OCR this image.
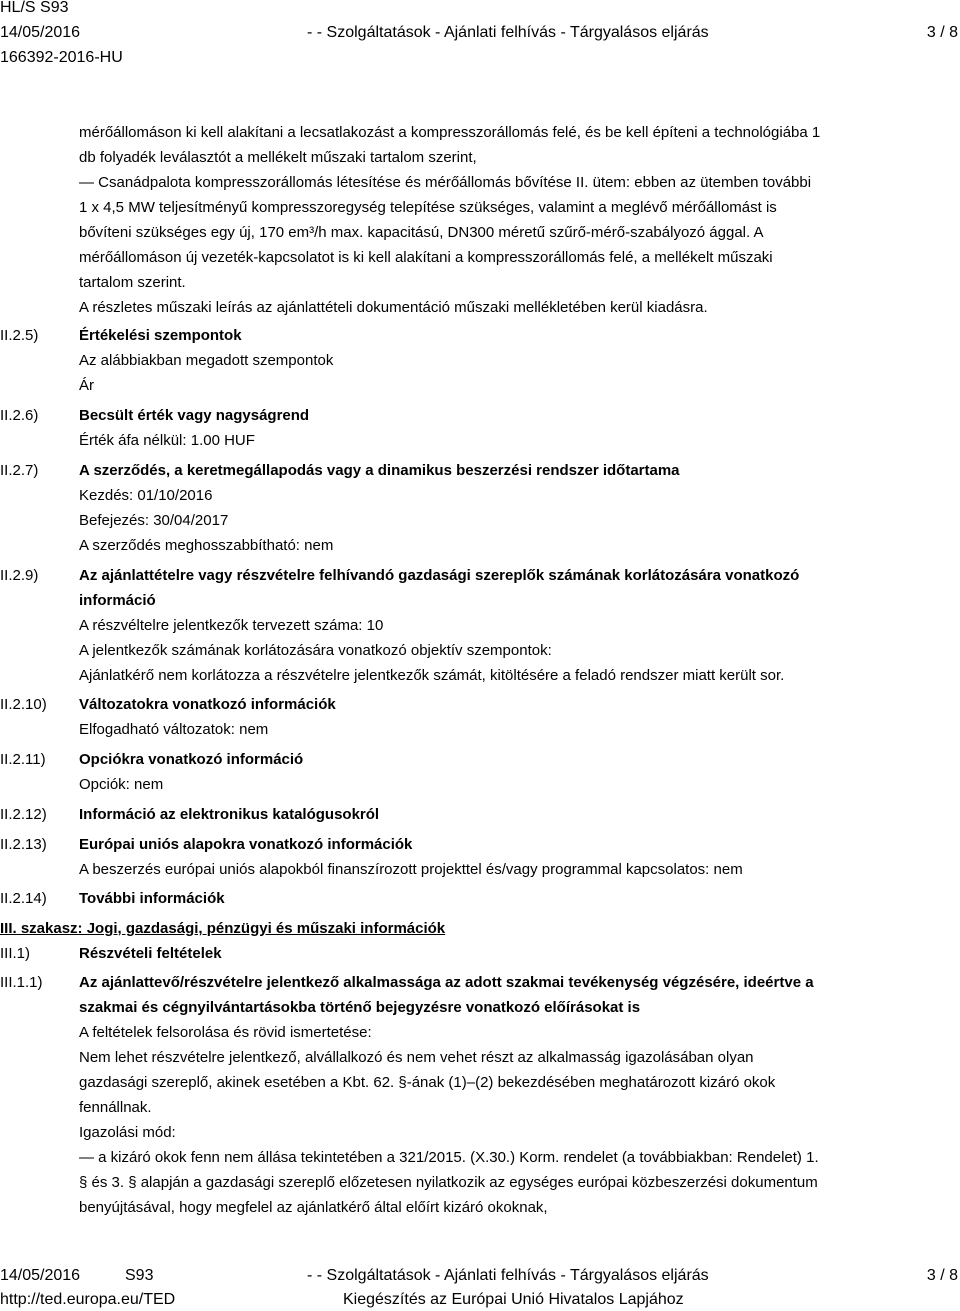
HL/S S93
14/05/2016
166392-2016-HU
- - Szolgáltatások - Ajánlati felhívás - Tárgyalásos eljárás	3 / 8

mérőállomáson ki kell alakítani a lecsatlakozást a kompresszorállomás felé, és be kell építeni a technológiába 1

db folyadék leválasztót a mellékelt műszaki tartalom szerint,

— Csanádpalota kompresszorállomás létesítése és mérőállomás bővítése II. ütem: ebben az ütemben további

1 x 4,5 MW teljesítményű kompresszoregység telepítése szükséges, valamint a meglévő mérőállomást is

bővíteni szükséges egy új, 170 em³/h max. kapacitású, DN300 méretű szűrő-mérő-szabályozó ággal. A

mérőállomáson új vezeték-kapcsolatot is ki kell alakítani a kompresszorállomás felé, a mellékelt műszaki

tartalom szerint.

A részletes műszaki leírás az ajánlattételi dokumentáció műszaki mellékletében kerül kiadásra.

II.2.5)	Értékelési szempontok

Az alábbiakban megadott szempontok

Ár

II.2.6)	Becsült érték vagy nagyságrend

Érték áfa nélkül: 1.00 HUF

II.2.7)	A szerződés, a keretmegállapodás vagy a dinamikus beszerzési rendszer időtartama

Kezdés: 01/10/2016

Befejezés: 30/04/2017

A szerződés meghosszabbítható: nem

II.2.9)	Az ajánlattételre vagy részvételre felhívandó gazdasági szereplők számának korlátozására vonatkozó

információ

A részvéltelre jelentkezők tervezett száma: 10

A jelentkezők számának korlátozására vonatkozó objektív szempontok:

Ajánlatkérő nem korlátozza a részvételre jelentkezők számát, kitöltésére a feladó rendszer miatt került sor.

II.2.10)	Változatokra vonatkozó információk

Elfogadható változatok: nem

II.2.11)	Opciókra vonatkozó információ

Opciók: nem

II.2.12)	Információ az elektronikus katalógusokról

II.2.13)	Európai uniós alapokra vonatkozó információk

A beszerzés európai uniós alapokból finanszírozott projekttel és/vagy programmal kapcsolatos: nem

II.2.14)	További információk

III. szakasz: Jogi, gazdasági, pénzügyi és műszaki információk
III.1)	Részvételi feltételek

III.1.1)	Az ajánlattevő/részvételre jelentkező alkalmassága az adott szakmai tevékenység végzésére, ideértve a

szakmai és cégnyilvántartásokba történő bejegyzésre vonatkozó előírásokat is

A feltételek felsorolása és rövid ismertetése:

Nem lehet részvételre jelentkező, alvállalkozó és nem vehet részt az alkalmasság igazolásában olyan

gazdasági szereplő, akinek esetében a Kbt. 62. §-ának (1)–(2) bekezdésében meghatározott kizáró okok

fennállnak.

Igazolási mód:

— a kizáró okok fenn nem állása tekintetében a 321/2015. (X.30.) Korm. rendelet (a továbbiakban: Rendelet) 1.

§ és 3. § alapján a gazdasági szereplő előzetesen nyilatkozik az egységes európai közbeszerzési dokumentum

benyújtásával, hogy megfelel az ajánlatkérő által előírt kizáró okoknak,

14/05/2016	S93
http://ted.europa.eu/TED
- - Szolgáltatások - Ajánlati felhívás - Tárgyalásos eljárás
Kiegészítés az Európai Unió Hivatalos Lapjához
3 / 8
